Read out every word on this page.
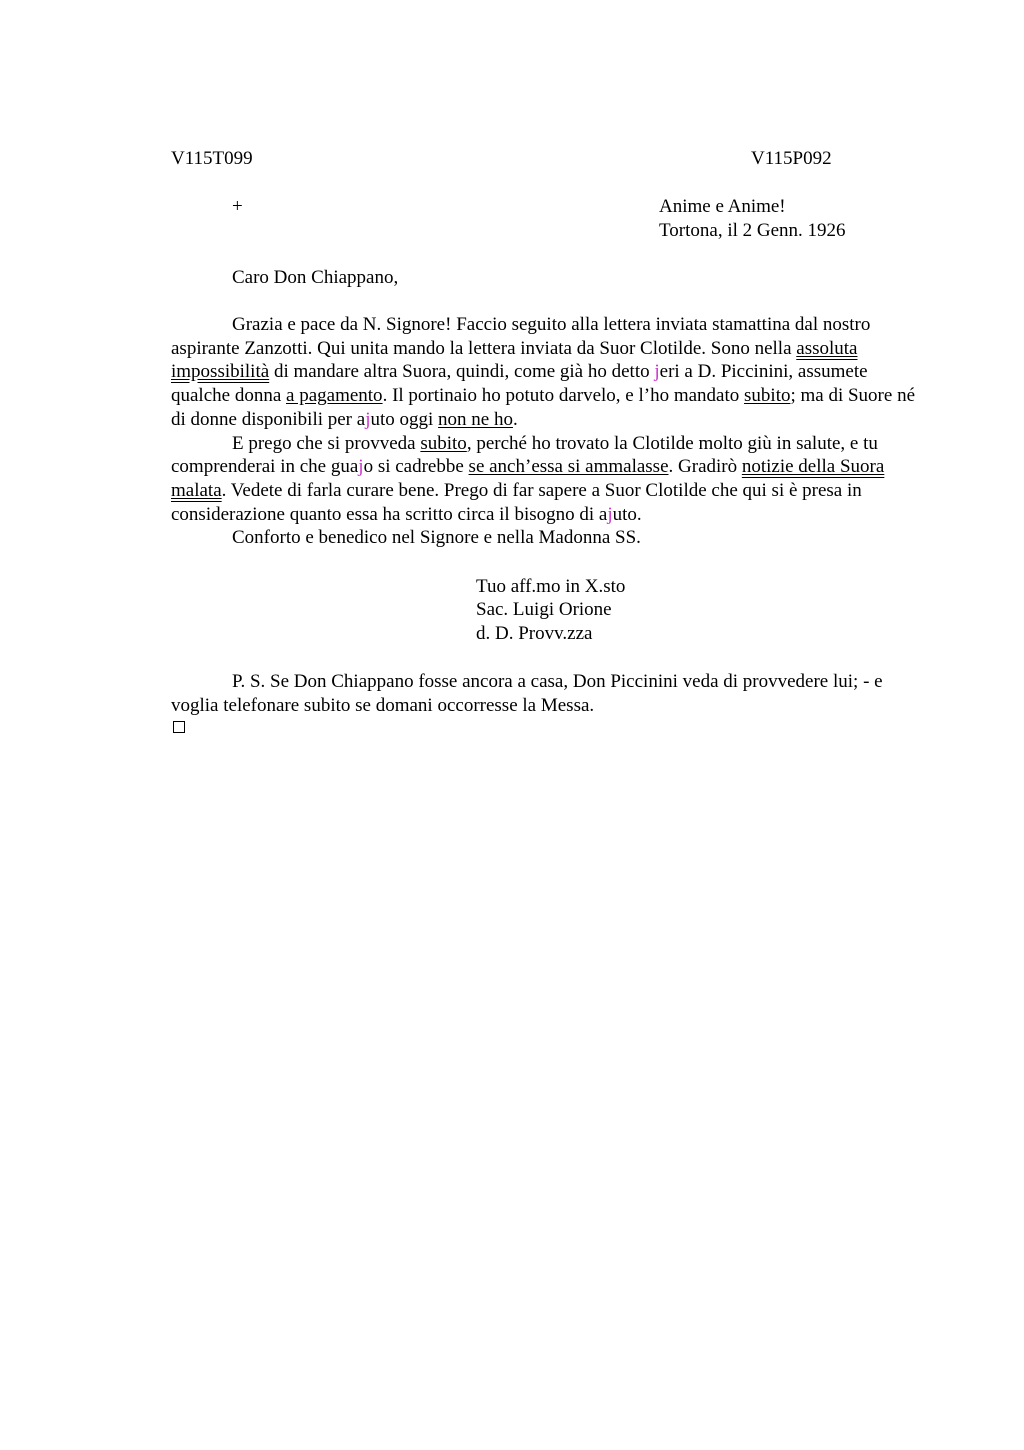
V115T099	V115P092
+	Anime e Anime!
Tortona, il 2 Genn. 1926
Caro Don Chiappano,

Grazia e pace da N. Signore! Faccio seguito alla lettera inviata stamattina dal nostro aspirante Zanzotti. Qui unita mando la lettera inviata da Suor Clotilde. Sono nella assoluta impossibilità di mandare altra Suora, quindi, come già ho detto jeri a D. Piccinini, assumete qualche donna a pagamento. Il portinaio ho potuto darvelo, e l’ho mandato subito; ma di Suore né di donne disponibili per ajuto oggi non ne ho.

E prego che si provveda subito, perché ho trovato la Clotilde molto giù in salute, e tu comprenderai in che guajo si cadrebbe se anch’essa si ammalasse. Gradirò notizie della Suora malata. Vedete di farla curare bene. Prego di far sapere a Suor Clotilde che qui si è presa in considerazione quanto essa ha scritto circa il bisogno di ajuto.

Conforto e benedico nel Signore e nella Madonna SS.

Tuo aff.mo in X.sto
Sac. Luigi Orione
d. D. Provv.zza

P. S. Se Don Chiappano fosse ancora a casa, Don Piccinini veda di provvedere lui; - e voglia telefonare subito se domani occorresse la Messa.
